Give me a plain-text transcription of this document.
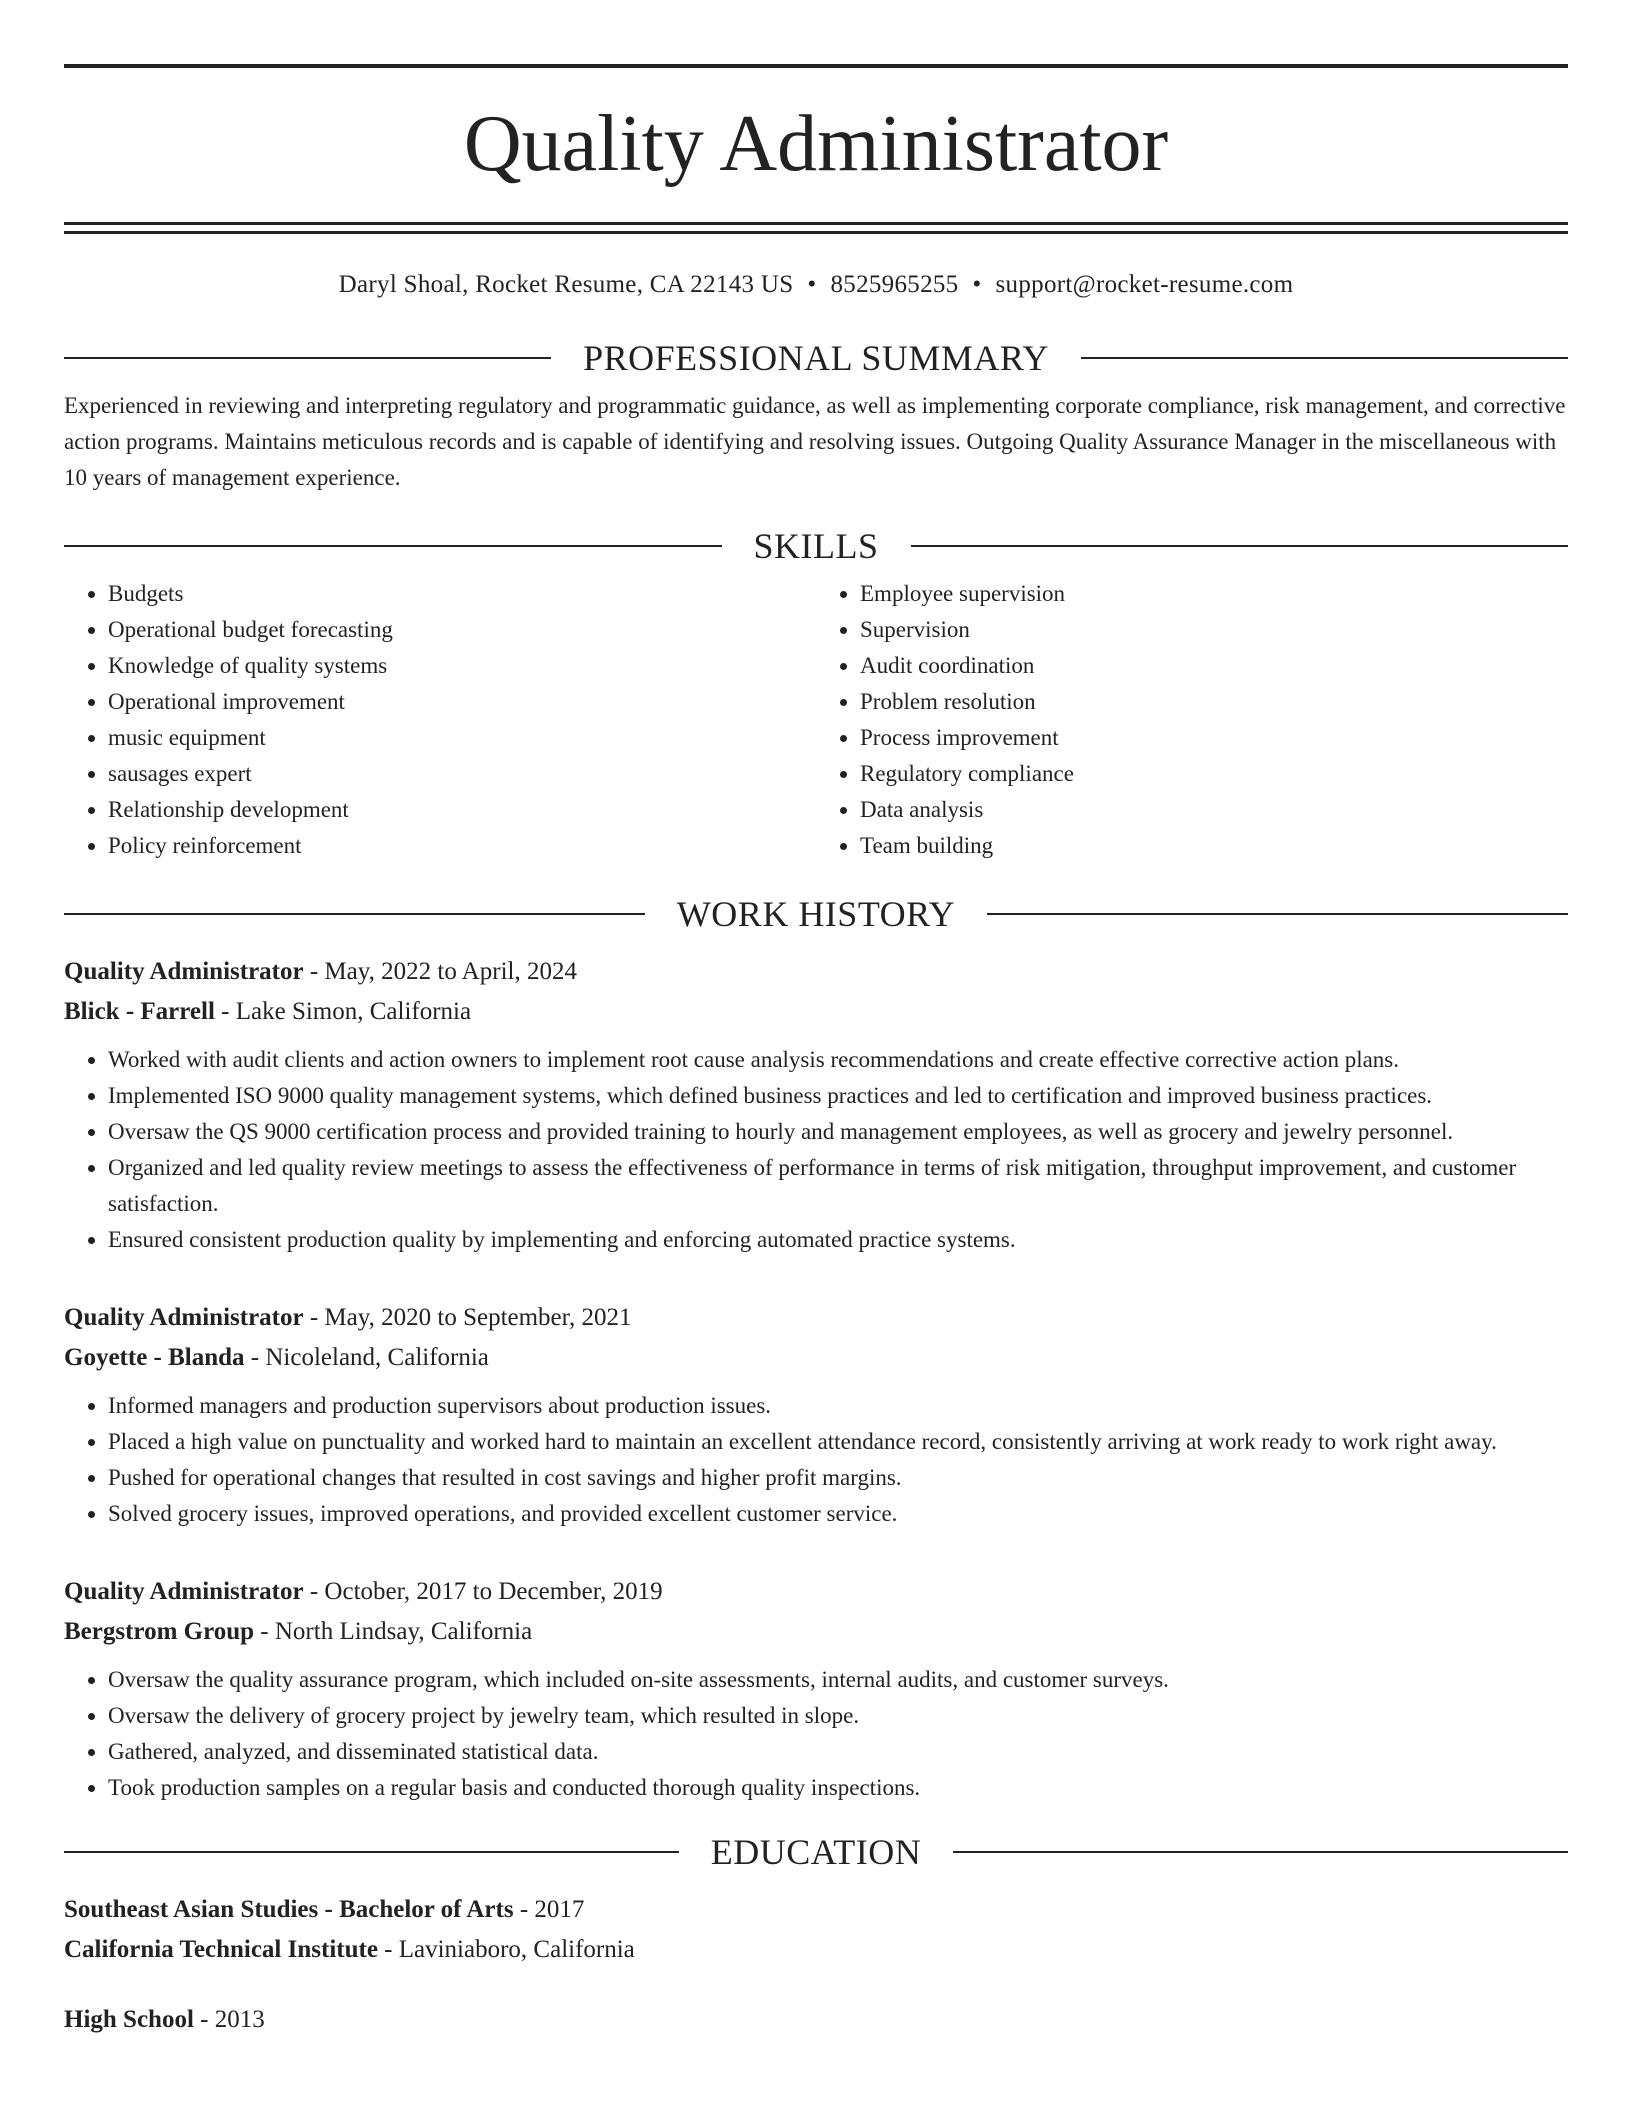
Quality Administrator
Daryl Shoal, Rocket Resume, CA 22143 US • 8525965255 • support@rocket-resume.com
PROFESSIONAL SUMMARY
Experienced in reviewing and interpreting regulatory and programmatic guidance, as well as implementing corporate compliance, risk management, and corrective action programs. Maintains meticulous records and is capable of identifying and resolving issues. Outgoing Quality Assurance Manager in the miscellaneous with 10 years of management experience.
SKILLS
• Budgets
• Operational budget forecasting
• Knowledge of quality systems
• Operational improvement
• music equipment
• sausages expert
• Relationship development
• Policy reinforcement
• Employee supervision
• Supervision
• Audit coordination
• Problem resolution
• Process improvement
• Regulatory compliance
• Data analysis
• Team building
WORK HISTORY
Quality Administrator - May, 2022 to April, 2024
Blick - Farrell - Lake Simon, California
• Worked with audit clients and action owners to implement root cause analysis recommendations and create effective corrective action plans.
• Implemented ISO 9000 quality management systems, which defined business practices and led to certification and improved business practices.
• Oversaw the QS 9000 certification process and provided training to hourly and management employees, as well as grocery and jewelry personnel.
• Organized and led quality review meetings to assess the effectiveness of performance in terms of risk mitigation, throughput improvement, and customer satisfaction.
• Ensured consistent production quality by implementing and enforcing automated practice systems.
Quality Administrator - May, 2020 to September, 2021
Goyette - Blanda - Nicoleland, California
• Informed managers and production supervisors about production issues.
• Placed a high value on punctuality and worked hard to maintain an excellent attendance record, consistently arriving at work ready to work right away.
• Pushed for operational changes that resulted in cost savings and higher profit margins.
• Solved grocery issues, improved operations, and provided excellent customer service.
Quality Administrator - October, 2017 to December, 2019
Bergstrom Group - North Lindsay, California
• Oversaw the quality assurance program, which included on-site assessments, internal audits, and customer surveys.
• Oversaw the delivery of grocery project by jewelry team, which resulted in slope.
• Gathered, analyzed, and disseminated statistical data.
• Took production samples on a regular basis and conducted thorough quality inspections.
EDUCATION
Southeast Asian Studies - Bachelor of Arts - 2017
California Technical Institute - Laviniaboro, California
High School - 2013
